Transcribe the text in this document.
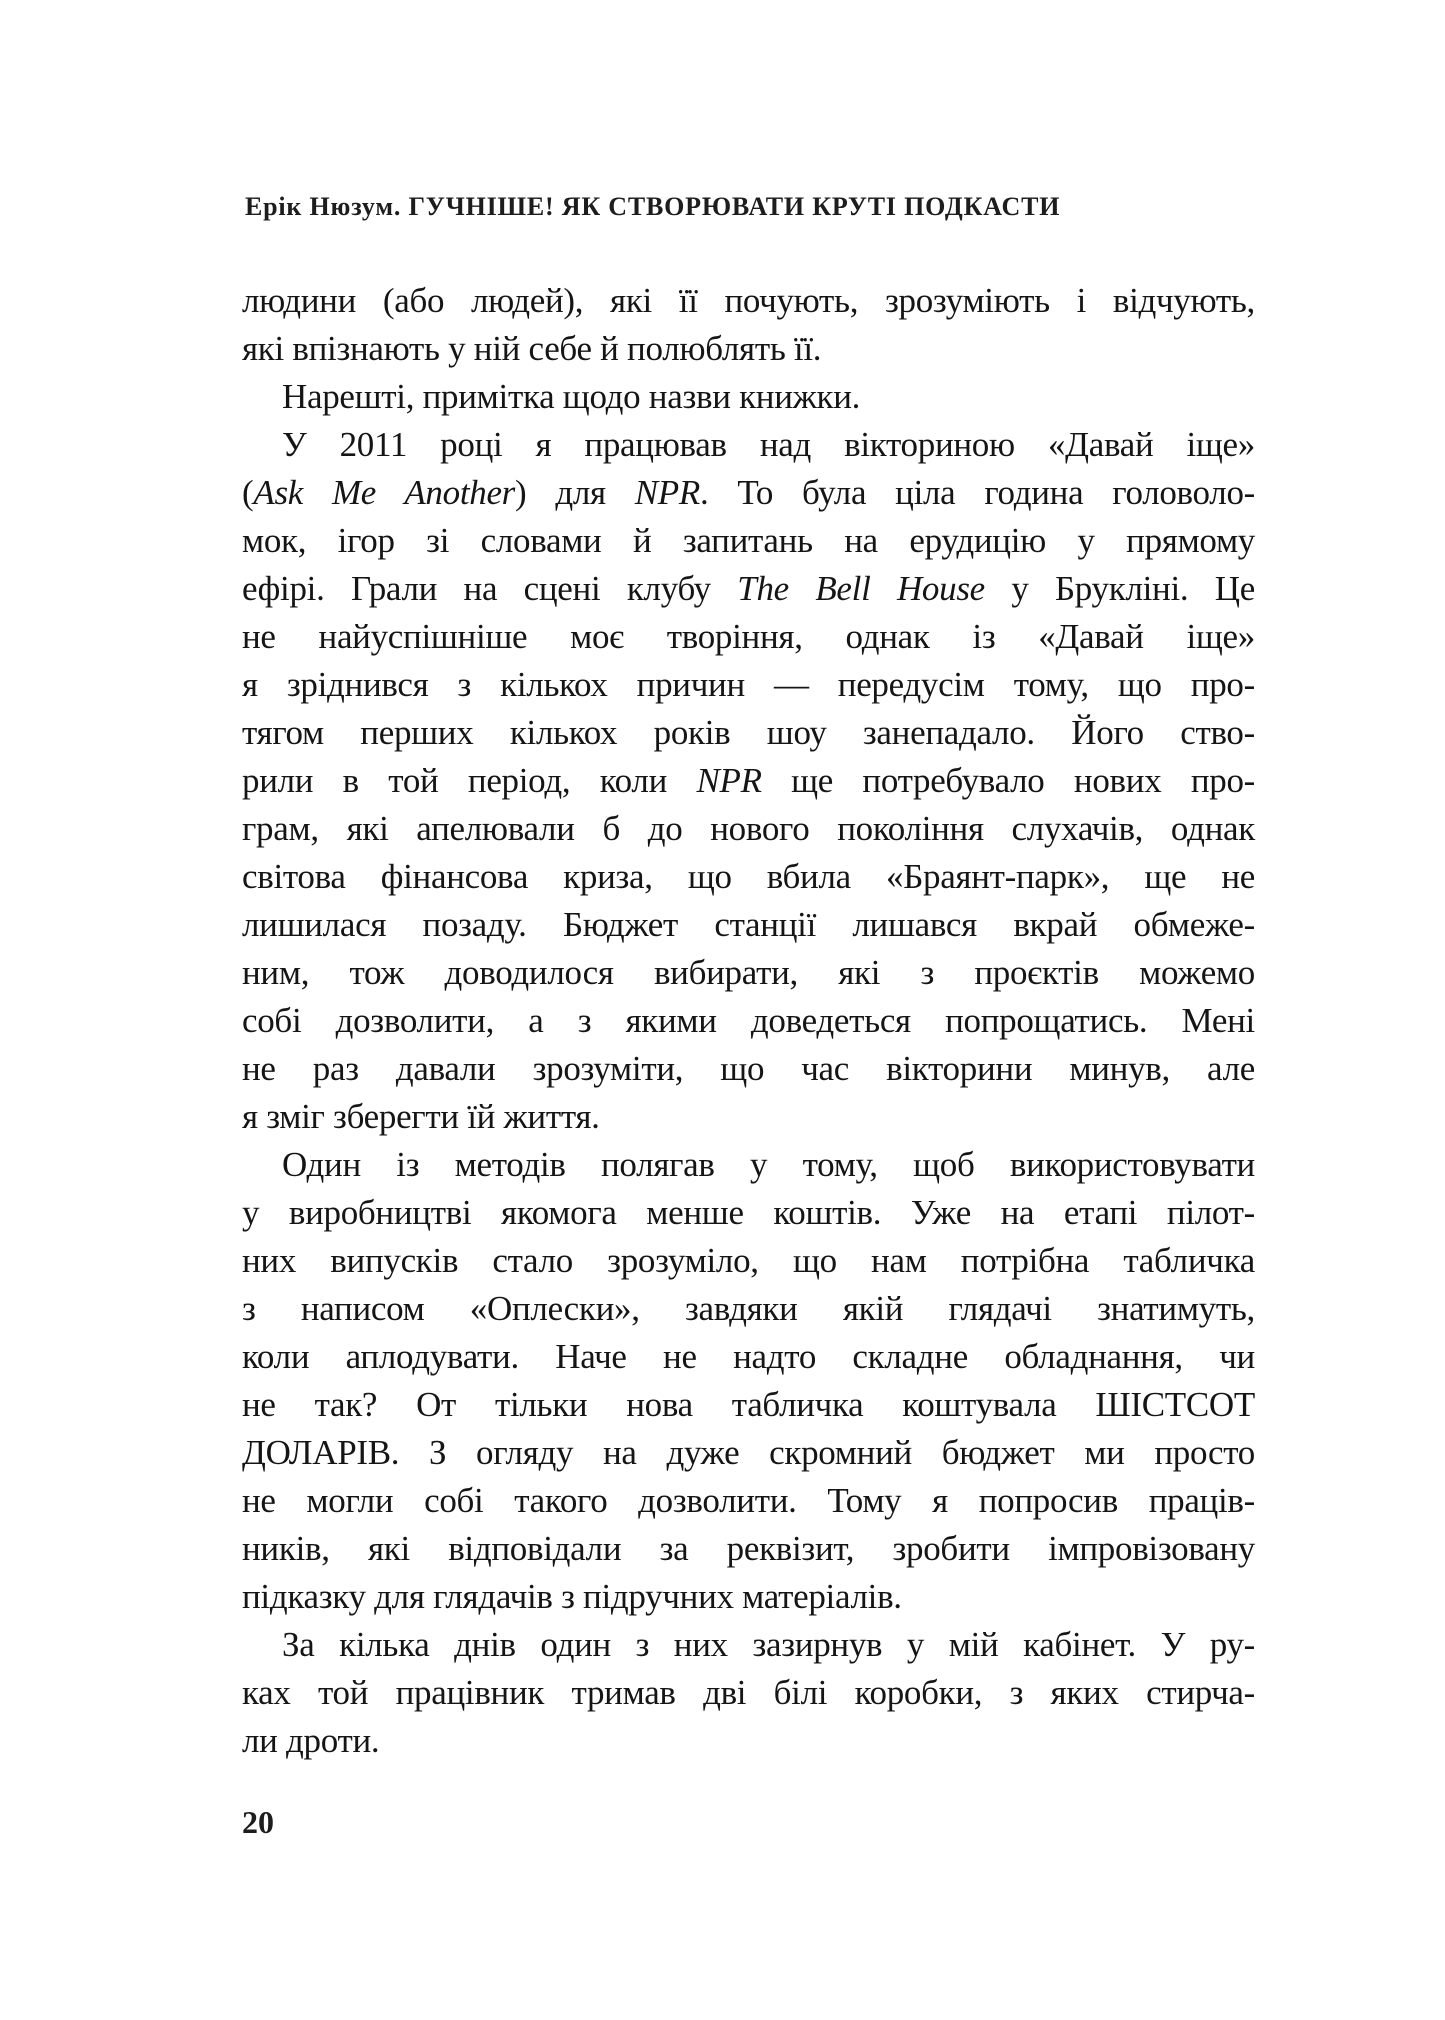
Ерік Нюзум. ГУЧНІШЕ! ЯК СТВОРЮВАТИ КРУТІ ПОДКАСТИ

людини (або людей), які її почують, зрозуміють і відчують,
які впізнають у ній себе й полюблять її.

Нарешті, примітка щодо назви книжки.

У 2011 році я працював над вікториною «Давай іще»
(Ask Me Another) для NPR. То була ціла година головоло-
мок, ігор зі словами й запитань на ерудицію у прямому
ефірі. Грали на сцені клубу The Bell House у Брукліні. Це
не найуспішніше моє творіння, однак із «Давай іще»
я зріднився з кількох причин — передусім тому, що про-
тягом перших кількох років шоу занепадало. Його ство-
рили в той період, коли NPR ще потребувало нових про-
грам, які апелювали б до нового покоління слухачів, однак
світова фінансова криза, що вбила «Браянт-парк», ще не
лишилася позаду. Бюджет станції лишався вкрай обмеже-
ним, тож доводилося вибирати, які з проєктів можемо
собі дозволити, а з якими доведеться попрощатись. Мені
не раз давали зрозуміти, що час вікторини минув, але
я зміг зберегти їй життя.

Один із методів полягав у тому, щоб використовувати
у виробництві якомога менше коштів. Уже на етапі пілот-
них випусків стало зрозуміло, що нам потрібна табличка
з написом «Оплески», завдяки якій глядачі знатимуть,
коли аплодувати. Наче не надто складне обладнання, чи
не так? От тільки нова табличка коштувала ШІСТСОТ
ДОЛАРІВ. З огляду на дуже скромний бюджет ми просто
не могли собі такого дозволити. Тому я попросив праців-
ників, які відповідали за реквізит, зробити імпровізовану
підказку для глядачів з підручних матеріалів.

За кілька днів один з них зазирнув у мій кабінет. У ру-
ках той працівник тримав дві білі коробки, з яких стирча-
ли дроти.

20
